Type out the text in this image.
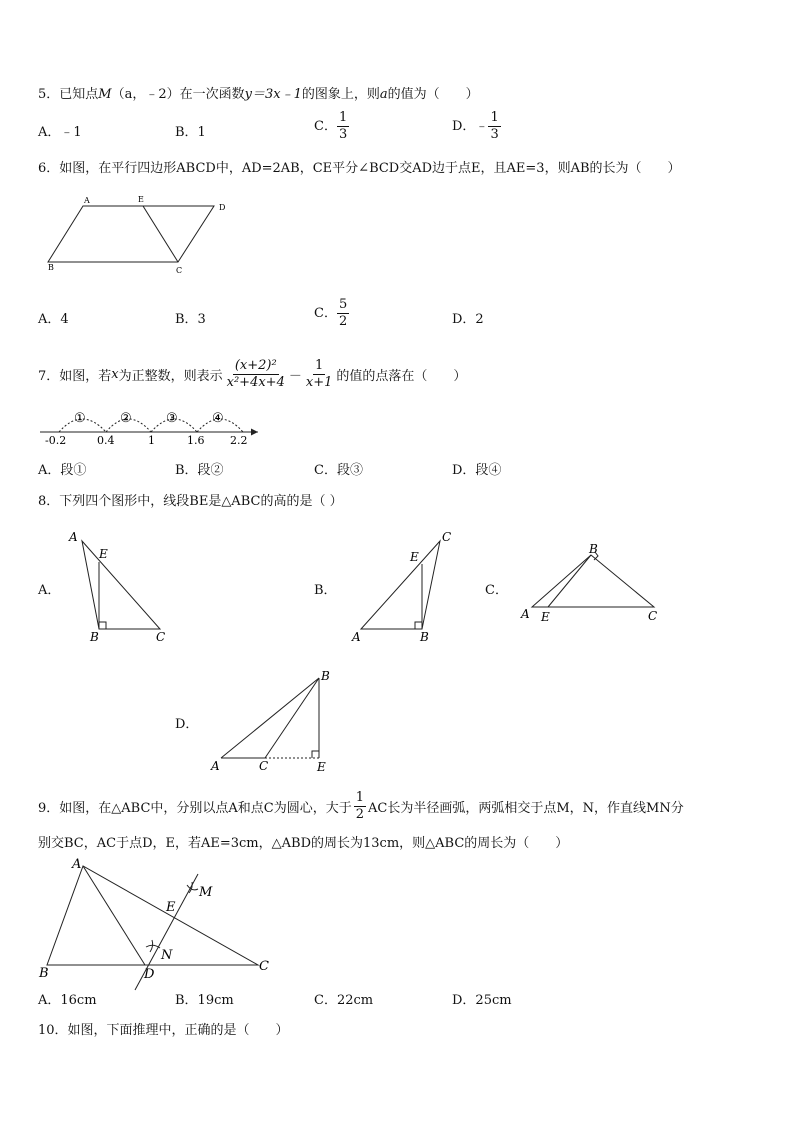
5．已知点M（a，﹣2）在一次函数y＝3x﹣1的图象上，则a的值为（　　）
A．﹣1	B．1	C． $\frac{1}{3}$	D．﹣ $\frac{1}{3}$
6．如图，在平行四边形ABCD中，AD=2AB，CE平分∠BCD交AD边于点E，且AE=3，则AB的长为（　　）
A	E
D
B	C
A．4	B．3	C． $\frac{5}{2}$	D．2
7．如图，若 x 为正整数，则表示 $\frac{\text{(x+2)²}}{\text{x²+4x+4}} - \frac{1}{x+1}$ 的值的点落在（　　）
①	②	③	④
-0.2	0.4	1	1.6 2.2
A．段①	B．段②	C．段③	D．段④
8．下列四个图形中，线段BE是△ABC的高的是（ ）
A．	B．	C．
D．
A
E
B	C	A
E
B
C
A E
B
C
A	C
B
E
9．如图，在△ABC中，分别以点A和点C为圆心，大于 $\frac{1}{2}$ AC长为半径画弧，两弧相交于点M，N，作直线MN分
别交BC，AC于点D，E，若AE=3cm，△ABD的周长为13cm，则△ABC的周长为（　　）
A
B	C
D
E
M
N
A．16cm	B．19cm	C．22cm	D．25cm
10．如图，下面推理中，正确的是（　　）
